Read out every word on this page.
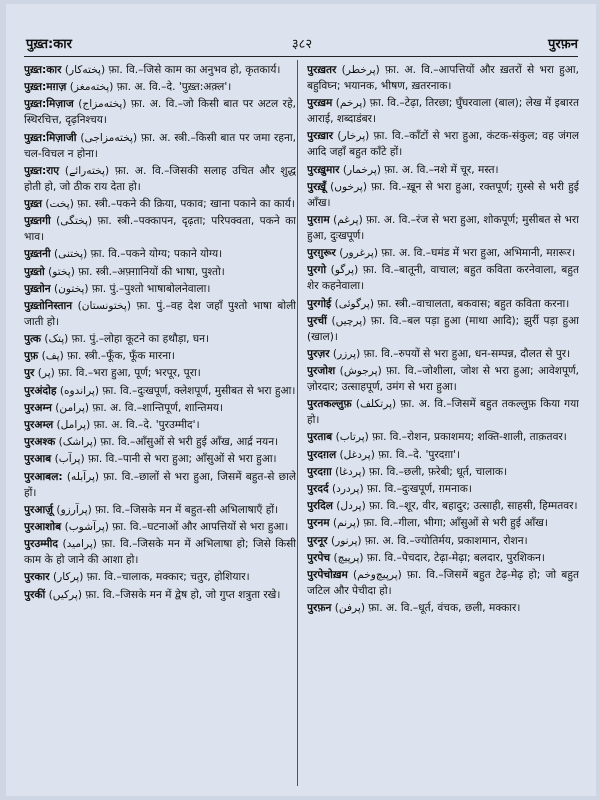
पुख़्त:कार	३८२	पुरफ़न

पुख़्त:कार (پخته‌کار) फ़ा. वि.–जिसे काम का अनुभव हो, कृतकार्य।

पुख़्त:मग़ज़ (پخته‌مغز) फ़ा. अ. वि.–दे. 'पुख़्त:अक़्ल'।

पुख़्त:मिज़ाज (پخته‌مزاج) फ़ा. अ. वि.–जो किसी बात पर अटल रहे, स्थिरचित्त, दृढ़निश्चय।

पुख़्त:मिज़ाजी (پخته‌مزاجی) फ़ा. अ. स्त्री.–किसी बात पर जमा रहना, चल-विचल न होना।

पुख़्त:राए (پخته‌رائے) फ़ा. अ. वि.–जिसकी सलाह उचित और शुद्ध होती हो, जो ठीक राय देता हो।

पुख़्त (پخت) फ़ा. स्त्री.–पकने की क्रिया, पकाव; खाना पकाने का कार्य।

पुख़्तगी (پختگی) फ़ा. स्त्री.–पक्कापन, दृढ़ता; परिपक्वता, पकने का भाव।

पुख़्तनी (پختنی) फ़ा. वि.–पकने योग्य; पकाने योग्य।

पुख़्तो (پختو) फ़ा. स्त्री.–अफ़्ग़ानियों की भाषा, पुश्तो।

पुख़्तोन (پختون) फ़ा. पुं.–पुश्तो भाषाबोलनेवाला।

पुख़्तोनिस्तान (پختونستان) फ़ा. पुं.–वह देश जहाँ पुश्तो भाषा बोली जाती हो।

पुत्क (پتک) फ़ा. पुं.–लोहा कूटने का हथौड़ा, घन।

पुफ़ (پف) फ़ा. स्त्री.–फूँक, फूँक मारना।

पुर (پر) फ़ा. वि.–भरा हुआ, पूर्ण; भरपूर, पूरा।

पुरअंदोह (پراندوه) फ़ा. वि.–दुःखपूर्ण, क्लेशपूर्ण, मुसीबत से भरा हुआ।

पुरअम्न (پرامن) फ़ा. अ. वि.–शान्तिपूर्ण, शान्तिमय।

पुरअम्ल (پرامل) फ़ा. अ. वि.–दे. 'पुरउम्मीद'।

पुरअश्क (پراشک) फ़ा. वि.–आँसुओं से भरी हुई आँख, आर्द्र नयन।

पुरआब (پرآب) फ़ा. वि.–पानी से भरा हुआ; आँसुओं से भरा हुआ।

पुरआबल: (پرآبله) फ़ा. वि.–छालों से भरा हुआ, जिसमें बहुत-से छाले हों।

पुरआर्ज़ू (پرآرزو) फ़ा. वि.–जिसके मन में बहुत-सी अभिलाषाएँ हों।

पुरआशोब (پرآشوب) फ़ा. वि.–घटनाओं और आपत्तियों से भरा हुआ।

पुरउम्मीद (پرامید) फ़ा. वि.–जिसके मन में अभिलाषा हो; जिसे किसी काम के हो जाने की आशा हो।

पुरकार (پرکار) फ़ा. वि.–चालाक, मक्कार; चतुर, होशियार।

पुरकीं (پرکیں) फ़ा. वि.–जिसके मन में द्वेष हो, जो गुप्त शत्रुता रखे।

पुरख़तर (پرخطر) फ़ा. अ. वि.–आपत्तियों और ख़तरों से भरा हुआ, बहुविघ्न; भयानक, भीषण, ख़तरनाक।

पुरख़म (پرخم) फ़ा. वि.–टेढ़ा, तिरछा; घुँघरवाला (बाल); लेख में इबारत आराई, शब्दाडंबर।

पुरख़ार (پرخار) फ़ा. वि.–काँटों से भरा हुआ, कंटक-संकुल; वह जंगल आदि जहाँ बहुत काँटे हों।

पुरख़ुमार (پرخمار) फ़ा. अ. वि.–नशे में चूर, मस्त।

पुरख़ूँ (پرخوں) फ़ा. वि.–ख़ून से भरा हुआ, रक्तपूर्ण; ग़ुस्से से भरी हुई आँख।

पुरग़म (پرغم) फ़ा. अ. वि.–रंज से भरा हुआ, शोकपूर्ण; मुसीबत से भरा हुआ, दुःखपूर्ण।

पुरग़ुरूर (پرغرور) फ़ा. अ. वि.–घमंड में भरा हुआ, अभिमानी, मग़रूर।

पुरगो (پرگو) फ़ा. वि.–बातूनी, वाचाल; बहुत कविता करनेवाला, बहुत शेर कहनेवाला।

पुरगोई (پرگوئی) फ़ा. स्त्री.–वाचालता, बकवास; बहुत कविता करना।

पुरचीं (پرچیں) फ़ा. वि.–बल पड़ा हुआ (माथा आदि); झुर्री पड़ा हुआ (खाल)।

पुरज़र (پرزر) फ़ा. वि.–रुपयों से भरा हुआ, धन-सम्पन्न, दौलत से पुर।

पुरजोश (پرجوش) फ़ा. वि.–जोशीला, जोश से भरा हुआ; आवेशपूर्ण, ज़ोरदार; उत्साहपूर्ण, उमंग से भरा हुआ।

पुरतकल्लुफ़ (پرتکلف) फ़ा. अ. वि.–जिसमें बहुत तकल्लुफ़ किया गया हो।

पुरताब (پرتاب) फ़ा. वि.–रोशन, प्रकाशमय; शक्ति-शाली, ताक़तवर।

पुरदग़ल (پردغل) फ़ा. वि.–दे. 'पुरदग़ा'।

पुरदग़ा (پردغا) फ़ा. वि.–छली, फ़रेबी; धूर्त, चालाक।

पुरदर्द (پردرد) फ़ा. वि.–दुःखपूर्ण, ग़मनाक।

पुरदिल (پردل) फ़ा. वि.–शूर, वीर, बहादुर; उत्साही, साहसी, हिम्मतवर।

पुरनम (پرنم) फ़ा. वि.–गीला, भीगा; आँसुओं से भरी हुई आँख।

पुरनूर (پرنور) फ़ा. अ. वि.–ज्योतिर्मय, प्रकाशमान, रोशन।

पुरपेच (پرپیچ) फ़ा. वि.–पेचदार, टेढ़ा-मेढ़ा; बलदार, पुरशिकन।

पुरपेचोख़म (پرپیچ‌وخم) फ़ा. वि.–जिसमें बहुत टेढ़-मेढ़ हो; जो बहुत जटिल और पेचीदा हो।

पुरफ़न (پرفن) फ़ा. अ. वि.–धूर्त, वंचक, छली, मक्कार।
